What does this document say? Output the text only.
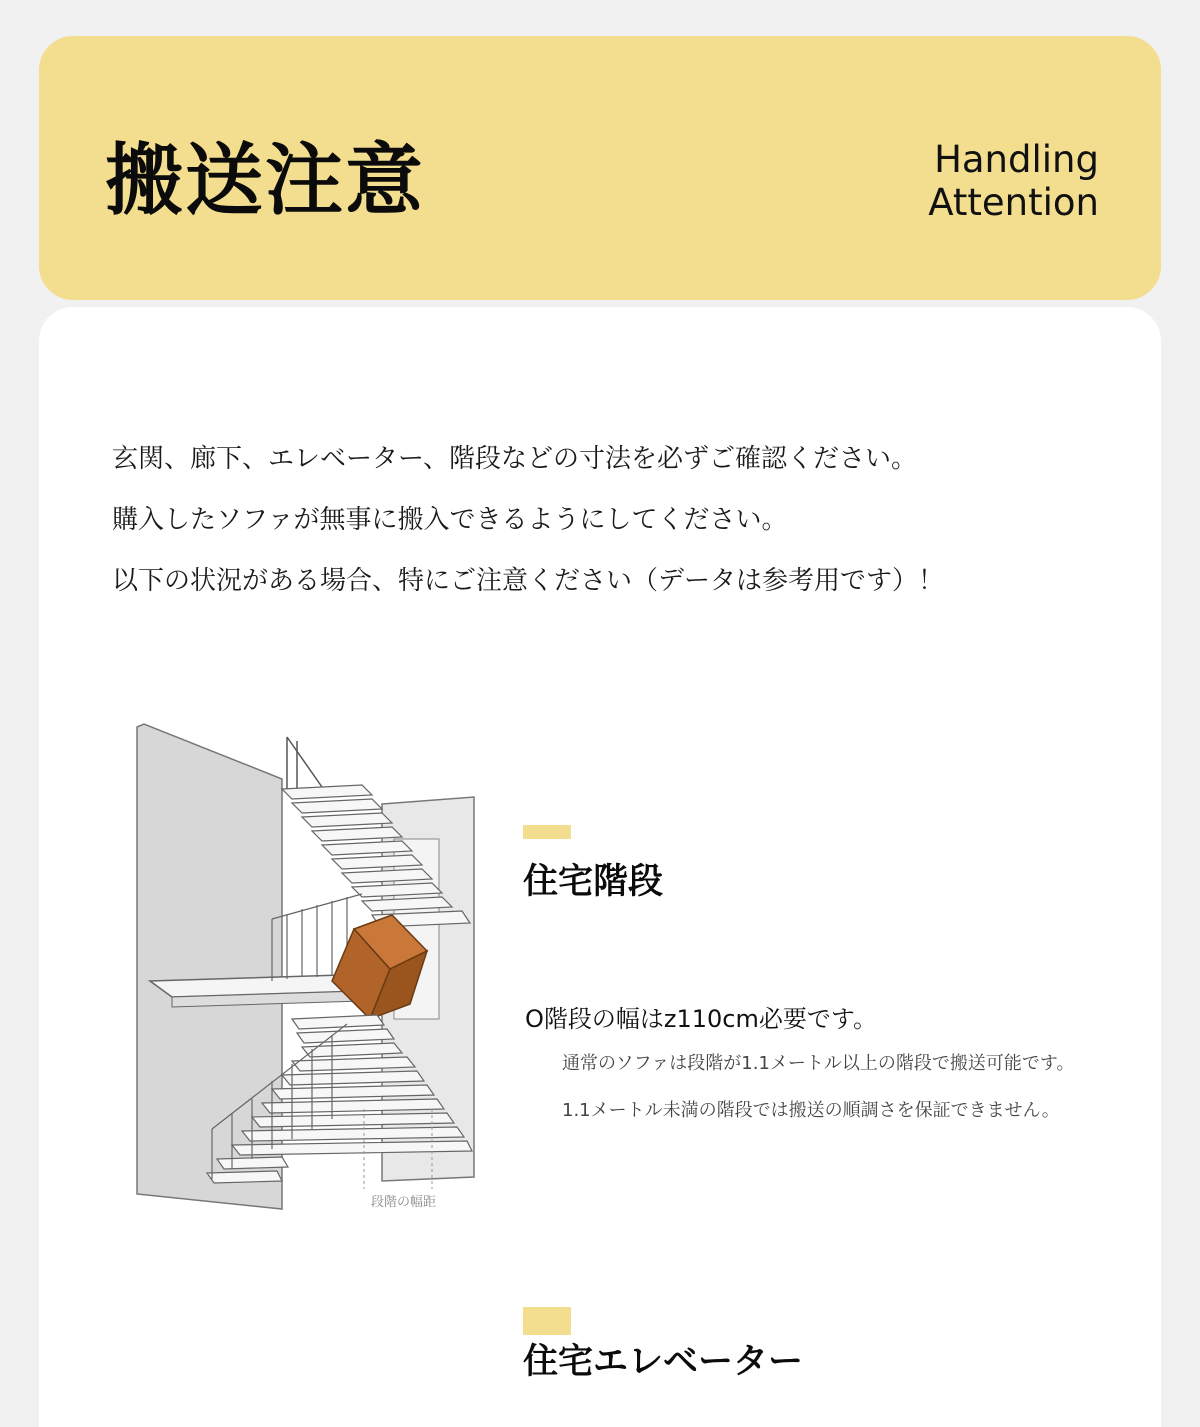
搬送注意	Handling
Attention

玄関、廊下、エレベーター、階段などの寸法を必ずご確認ください。

購入したソファが無事に搬入できるようにしてください。

以下の状況がある場合、特にご注意ください（データは参考用です）！

段階の幅距
住宅階段
O階段の幅はz110cm必要です。
通常のソファは段階が1.1メートル以上の階段で搬送可能です。
1.1メートル未満の階段では搬送の順調さを保証できません。
住宅エレベーター
